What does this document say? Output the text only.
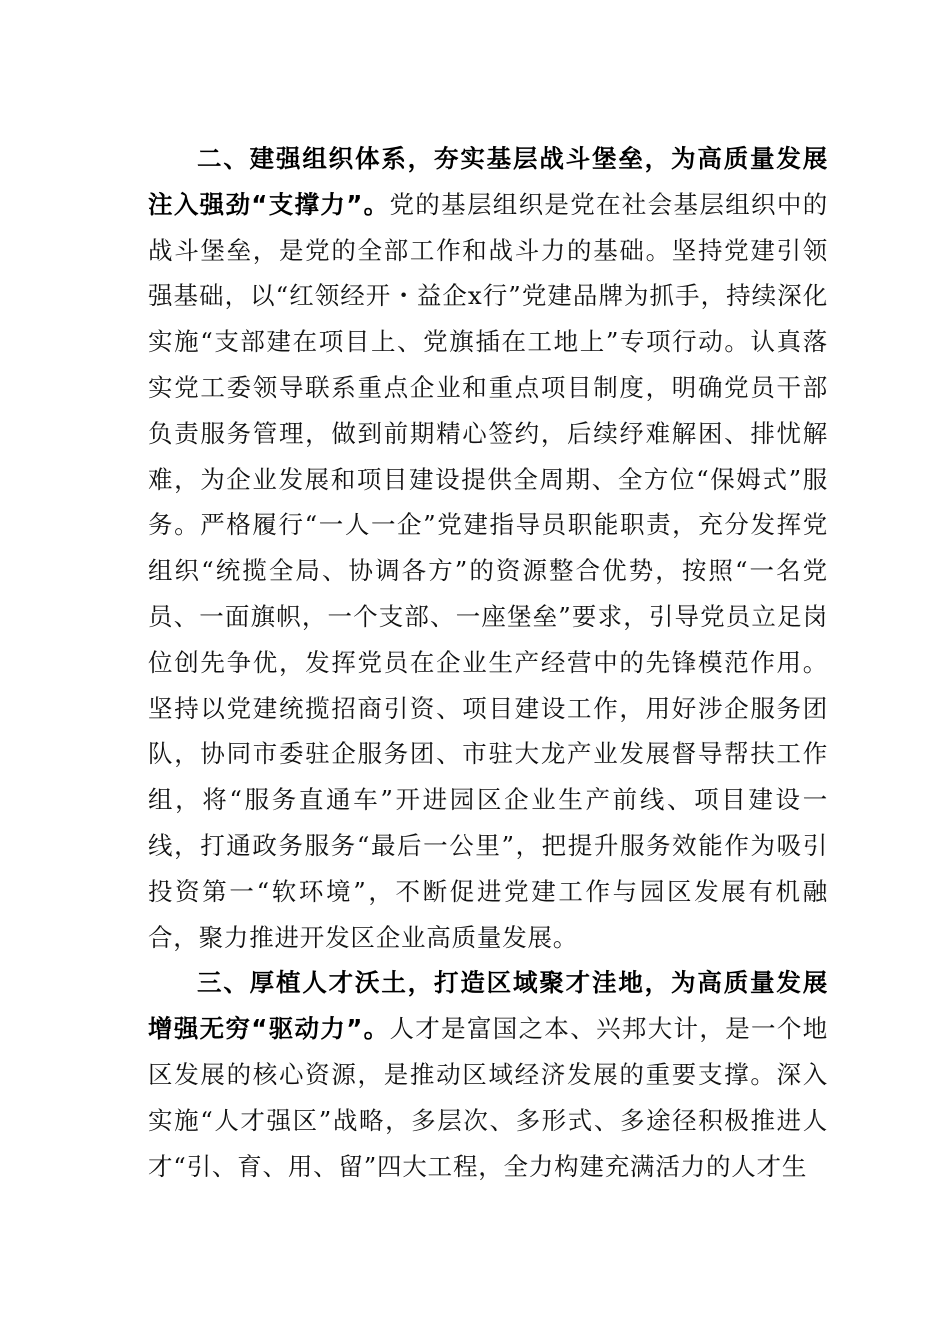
二、建强组织体系，夯实基层战斗堡垒，为高质量发展注入强劲“支撑力”。党的基层组织是党在社会基层组织中的战斗堡垒，是党的全部工作和战斗力的基础。坚持党建引领强基础，以“红领经开・益企x行”党建品牌为抓手，持续深化实施“支部建在项目上、党旗插在工地上”专项行动。认真落实党工委领导联系重点企业和重点项目制度，明确党员干部负责服务管理，做到前期精心签约，后续纾难解困、排忧解难，为企业发展和项目建设提供全周期、全方位“保姆式”服务。严格履行“一人一企”党建指导员职能职责，充分发挥党组织“统揽全局、协调各方”的资源整合优势，按照“一名党员、一面旗帜，一个支部、一座堡垒”要求，引导党员立足岗位创先争优，发挥党员在企业生产经营中的先锋模范作用。坚持以党建统揽招商引资、项目建设工作，用好涉企服务团队，协同市委驻企服务团、市驻大龙产业发展督导帮扶工作组，将“服务直通车”开进园区企业生产前线、项目建设一线，打通政务服务“最后一公里”，把提升服务效能作为吸引投资第一“软环境”，不断促进党建工作与园区发展有机融合，聚力推进开发区企业高质量发展。

三、厚植人才沃土，打造区域聚才洼地，为高质量发展增强无穷“驱动力”。人才是富国之本、兴邦大计，是一个地区发展的核心资源，是推动区域经济发展的重要支撑。深入实施“人才强区”战略，多层次、多形式、多途径积极推进人才“引、育、用、留”四大工程，全力构建充满活力的人才生
